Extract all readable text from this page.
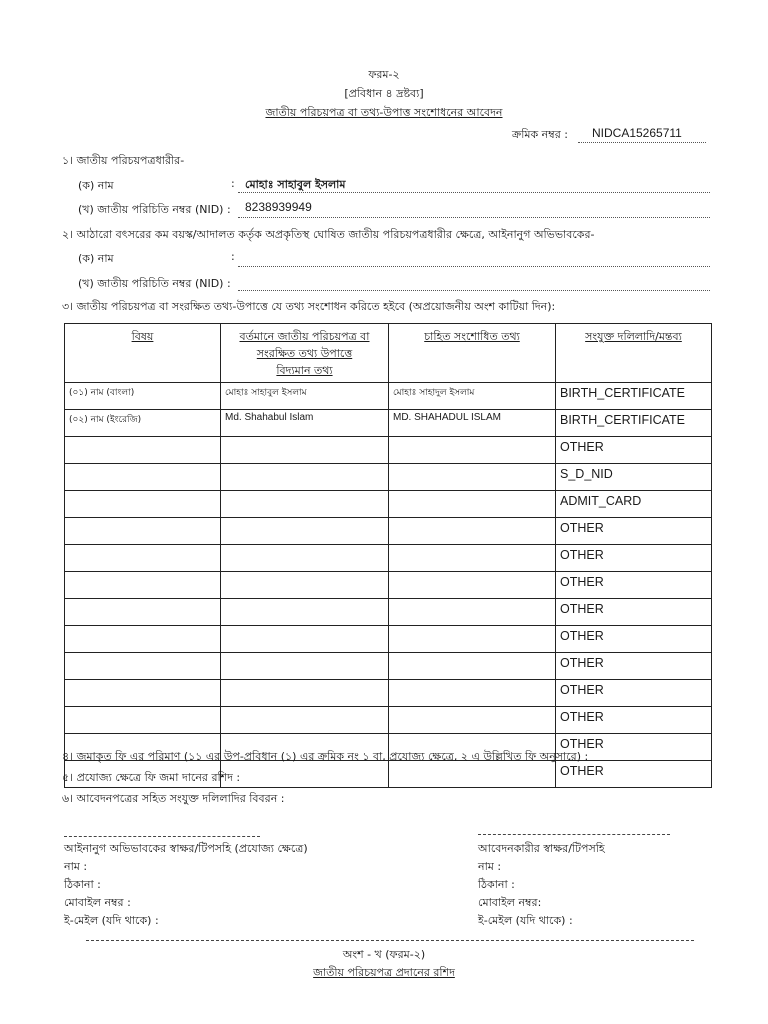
ফরম-২
[প্রবিধান ৪ দ্রষ্টব্য]
জাতীয় পরিচয়পত্র বা তথ্য-উপাত্ত সংশোধনের আবেদন
ক্রমিক নম্বর : NIDCA15265711
১। জাতীয় পরিচয়পত্রধারীর-
(ক) নাম	: মোহাঃ সাহাবুল ইসলাম
(খ) জাতীয় পরিচিতি নম্বর (NID) : 8238939949
২। আঠারো বৎসরের কম বয়স্ক/আদালত কর্তৃক অপ্রকৃতিস্থ ঘোষিত জাতীয় পরিচয়পত্রধারীর ক্ষেত্রে, আইনানুগ অভিভাবকের-
(ক) নাম	:
(খ) জাতীয় পরিচিতি নম্বর (NID) :
৩। জাতীয় পরিচয়পত্র বা সংরক্ষিত তথ্য-উপাত্তে যে তথ্য সংশোধন করিতে হইবে (অপ্রয়োজনীয় অংশ কাটিয়া দিন):
বিষয়	বর্তমানে জাতীয় পরিচয়পত্র বা
সংরক্ষিত তথ্য উপাত্তে
বিদ্যমান তথ্য	চাহিত সংশোধিত তথ্য	সংযুক্ত দলিলাদি/মন্তব্য

(০১) নাম (বাংলা)	মোহাঃ সাহাবুল ইসলাম	মোহাঃ সাহাদুল ইসলাম	BIRTH_CERTIFICATE
(০২) নাম (ইংরেজি)	Md. Shahabul Islam	MD. SHAHADUL ISLAM	BIRTH_CERTIFICATE
			OTHER
			S_D_NID
			ADMIT_CARD
			OTHER
			OTHER
			OTHER
			OTHER
			OTHER
			OTHER
			OTHER
			OTHER
			OTHER
			OTHER
৪। জমাকৃত ফি এর পরিমাণ (১১ এর উপ-প্রবিধান (১) এর ক্রমিক নং ১ বা, প্রযোজ্য ক্ষেত্রে, ২ এ উল্লিখিত ফি অনুসারে) :
৫। প্রযোজ্য ক্ষেত্রে ফি জমা দানের রশিদ :
৬। আবেদনপত্রের সহিত সংযুক্ত দলিলাদির বিবরন :
আইনানুগ অভিভাবকের স্বাক্ষর/টিপসহি (প্রযোজ্য ক্ষেত্রে)
নাম :
ঠিকানা :
মোবাইল নম্বর :
ই-মেইল (যদি থাকে) :
আবেদনকারীর স্বাক্ষর/টিপসহি
নাম :
ঠিকানা :
মোবাইল নম্বর:
ই-মেইল (যদি থাকে) :
অংশ - খ (ফরম-২)
জাতীয় পরিচয়পত্র প্রদানের রশিদ
